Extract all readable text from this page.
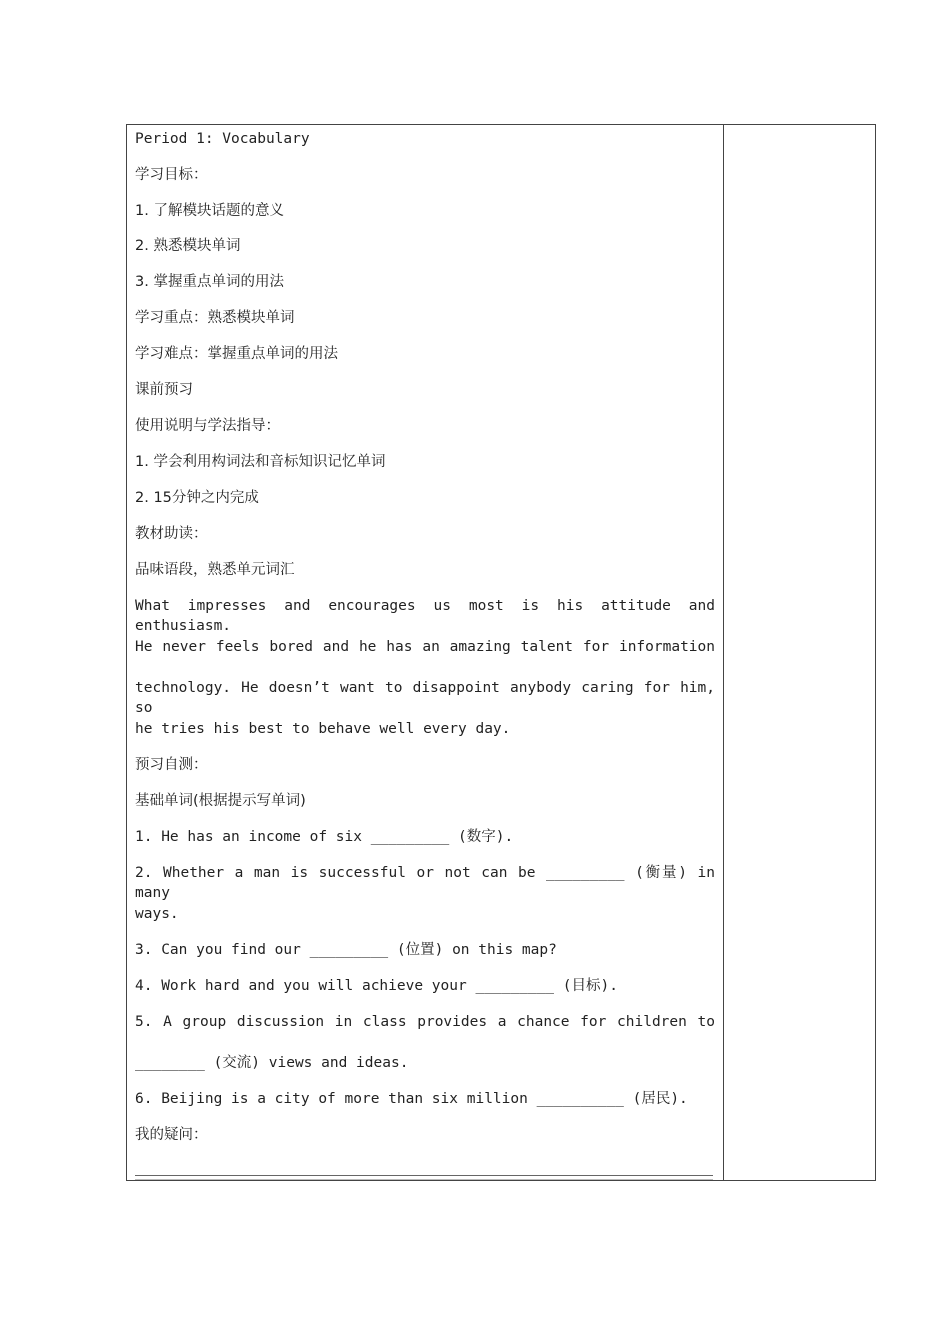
Period 1: Vocabulary
学习目标：
1. 了解模块话题的意义
2. 熟悉模块单词
3. 掌握重点单词的用法
学习重点：熟悉模块单词
学习难点：掌握重点单词的用法
课前预习
使用说明与学法指导：
1. 学会利用构词法和音标知识记忆单词
2. 15分钟之内完成
教材助读：
品味语段，熟悉单元词汇
What impresses and encourages us most is his attitude and enthusiasm.
He never feels bored and he has an amazing talent for information
technology. He doesn’t want to disappoint anybody caring for him, so
he tries his best to behave well every day.
预习自测：
基础单词(根据提示写单词)
1. He has an income of six _________ (数字).
2. Whether a man is successful or not can be _________ (衡量) in many
ways.
3. Can you find our _________ (位置) on this map?
4. Work hard and you will achieve your _________ (目标).
5. A group discussion in class provides a chance for children to
________ (交流) views and ideas.
6. Beijing is a city of more than six million __________ (居民).
我的疑问：
